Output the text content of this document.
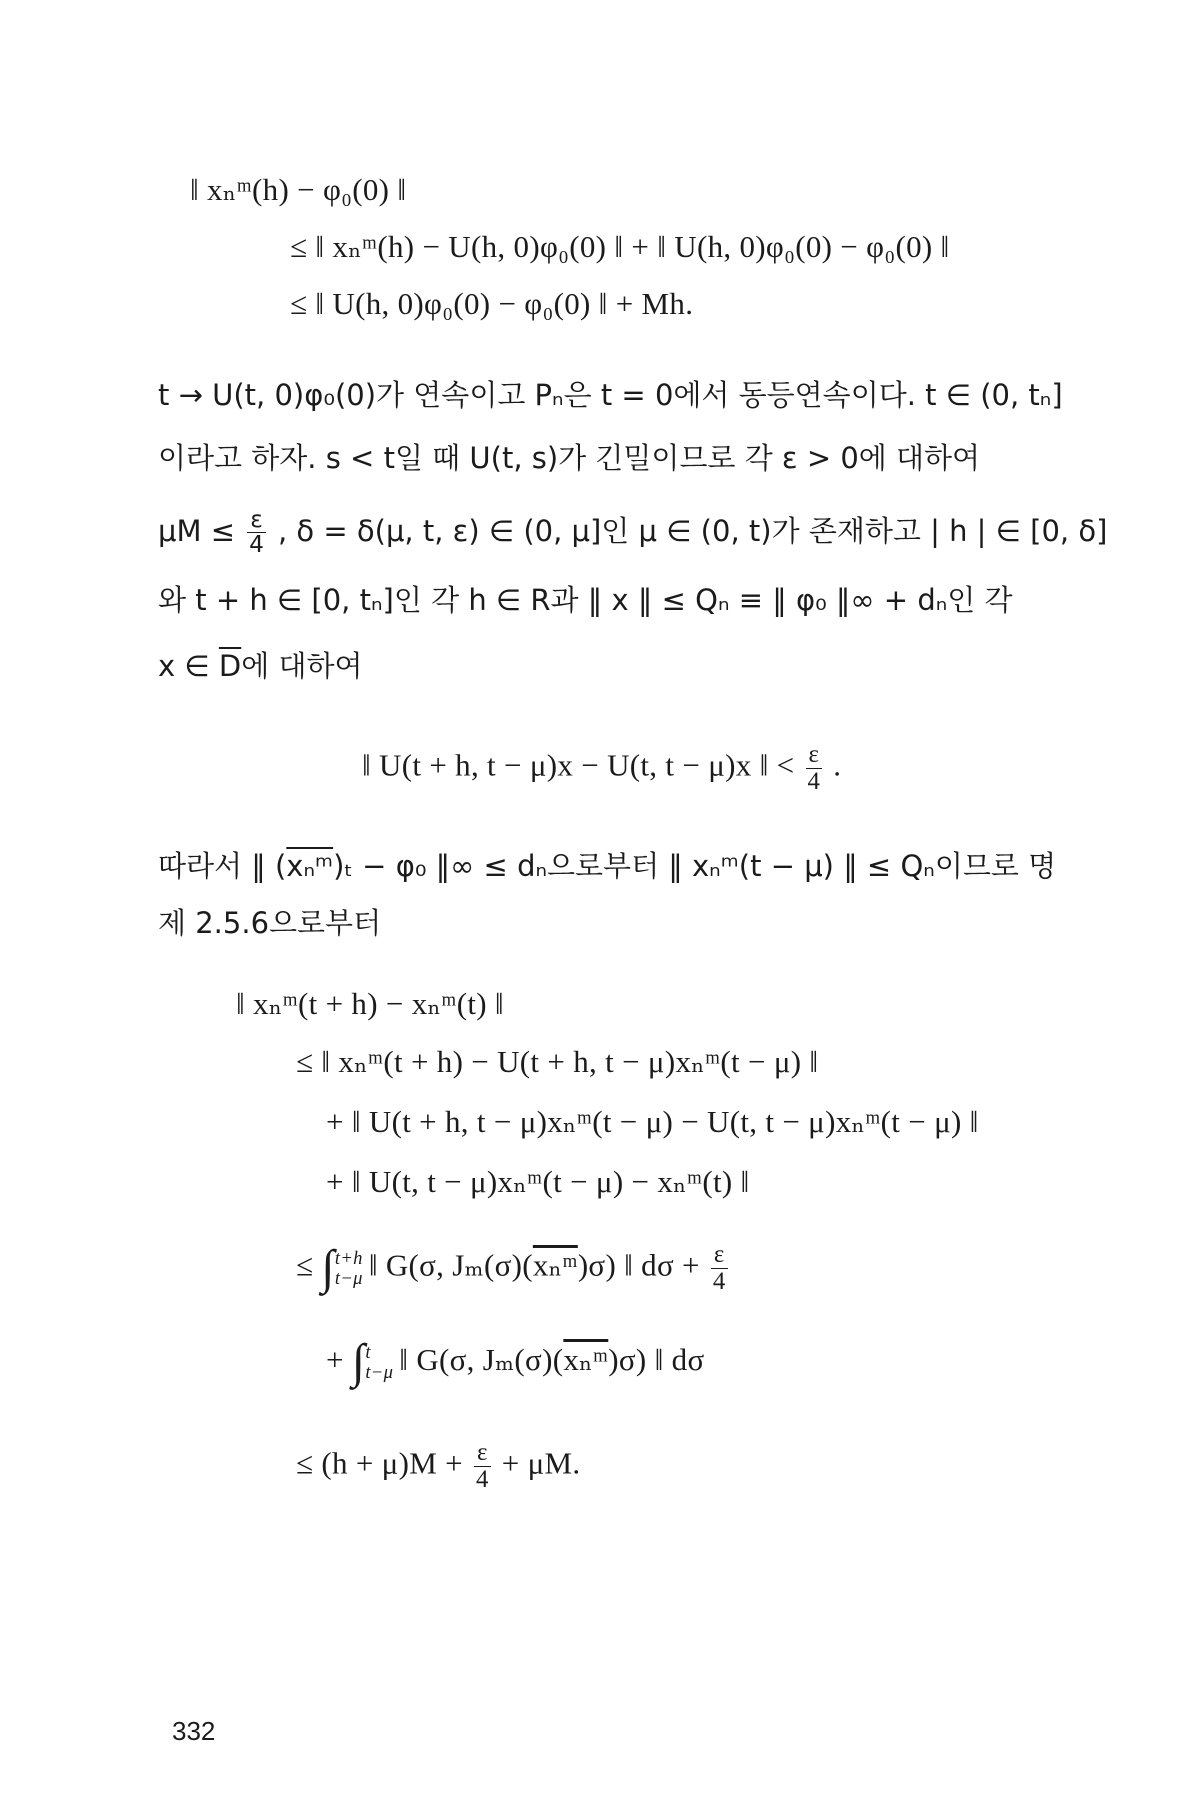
‖ xₙᵐ(h) − φ₀(0) ‖
≤ ‖ xₙᵐ(h) − U(h, 0)φ₀(0) ‖ + ‖ U(h, 0)φ₀(0) − φ₀(0) ‖
≤ ‖ U(h, 0)φ₀(0) − φ₀(0) ‖ + Mh.
t → U(t, 0)φ₀(0)가 연속이고 Pₙ은 t = 0에서 동등연속이다. t ∈ (0, tₙ]
이라고 하자. s < t일 때 U(t, s)가 긴밀이므로 각 ε > 0에 대하여
$\mu M \le \frac{\varepsilon}{4}$ , δ = δ(μ, t, ε) ∈ (0, μ]인 μ ∈ (0, t)가 존재하고 | h | ∈ [0, δ]
와 t + h ∈ [0, tₙ]인 각 h ∈ R과 ‖ x ‖ ≤ Qₙ ≡ ‖ φ₀ ‖∞ + dₙ인 각
x ∈ $\overline{D}$에 대하여
‖ U(t + h, t − μ)x − U(t, t − μ)x ‖ < $\frac{\varepsilon}{4}$ .
따라서 ‖ $(\overline{x_nᵐ})_t - \varphi_0$ ‖∞ ≤ dₙ으로부터 ‖ xₙᵐ(t − μ) ‖ ≤ Qₙ이므로 명
제 2.5.6으로부터
‖ xₙᵐ(t + h) − xₙᵐ(t) ‖
≤ ‖ xₙᵐ(t + h) − U(t + h, t − μ)xₙᵐ(t − μ) ‖
+ ‖ U(t + h, t − μ)xₙᵐ(t − μ) − U(t, t − μ)xₙᵐ(t − μ) ‖
+ ‖ U(t, t − μ)xₙᵐ(t − μ) − xₙᵐ(t) ‖
≤ ∫ t+h
t−μ ‖ G(σ, $J_m(\sigma)(\overline{x_nᵐ})\sigma$) ‖ $d\sigma + \frac{\varepsilon}{4}$
+ ∫ t
t−μ ‖ G(σ, $J_m(\sigma)(\overline{x_nᵐ})\sigma$) ‖ dσ
≤ $(h + \mu)M + \frac{\varepsilon}{4} + \mu M$.
332
